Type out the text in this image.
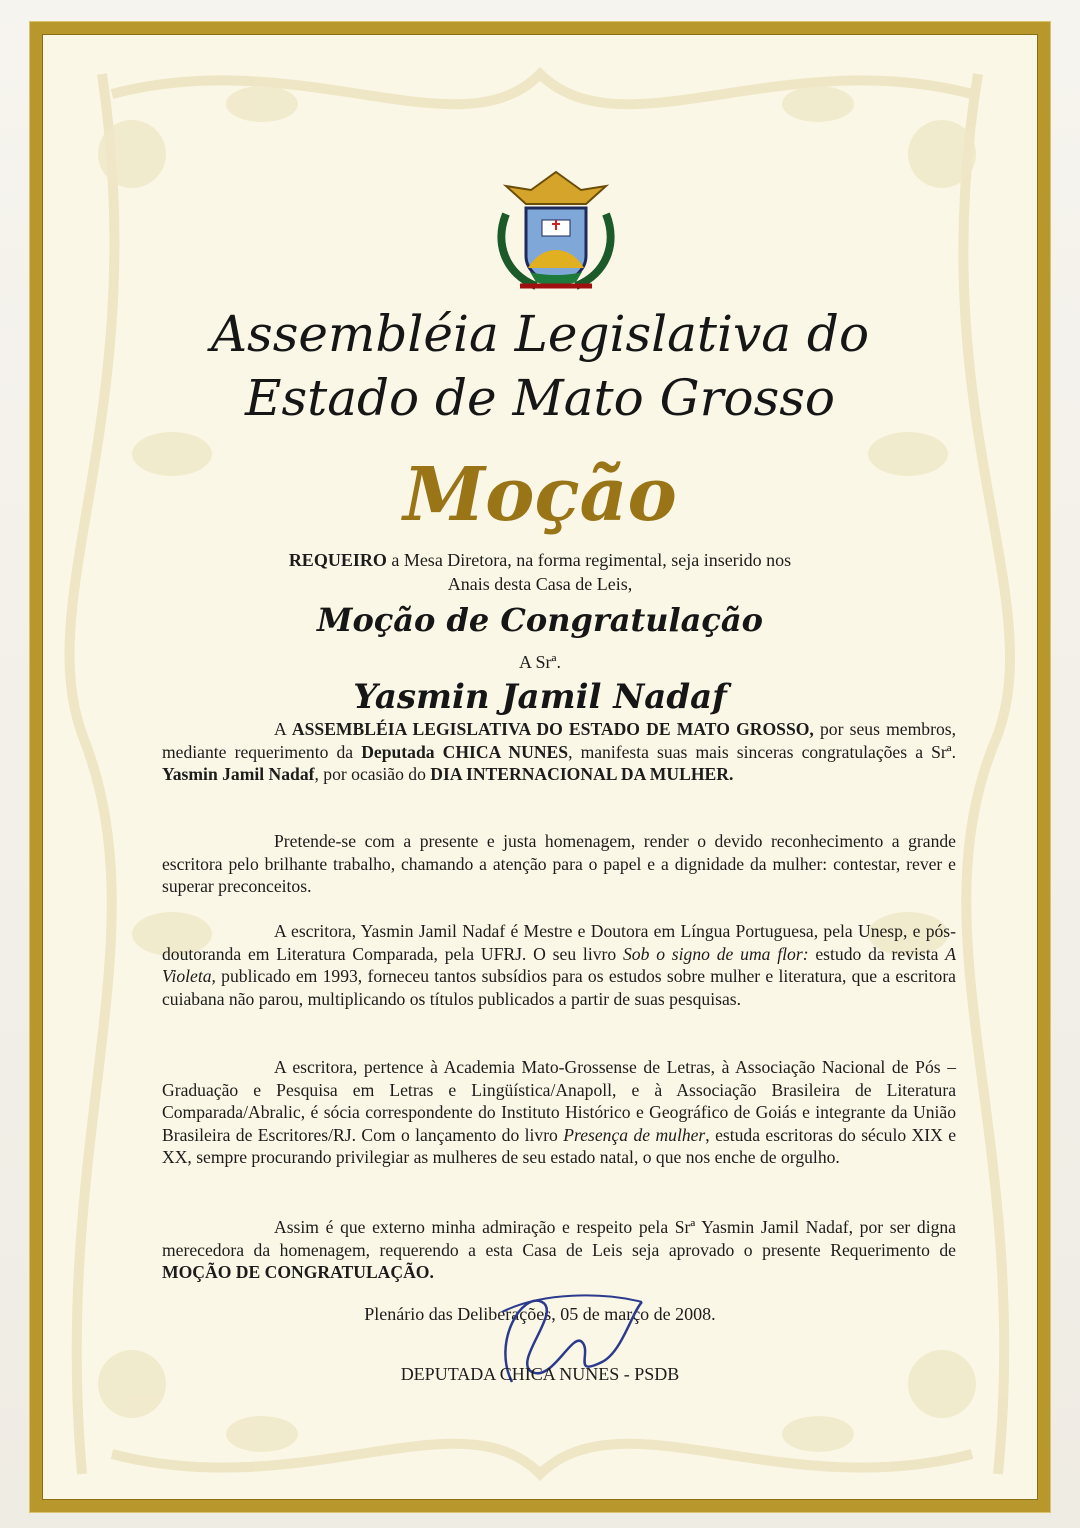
Assembléia Legislativa do
Estado de Mato Grosso
Moção

REQUEIRO a Mesa Diretora, na forma regimental, seja inserido nos

Anais desta Casa de Leis,

Moção de Congratulação

A Srª.

Yasmin Jamil Nadaf

A ASSEMBLÉIA LEGISLATIVA DO ESTADO DE MATO GROSSO, por seus membros, mediante requerimento da Deputada CHICA NUNES, manifesta suas mais sinceras congratulações a Srª. Yasmin Jamil Nadaf, por ocasião do DIA INTERNACIONAL DA MULHER.

Pretende-se com a presente e justa homenagem, render o devido reconhecimento a grande escritora pelo brilhante trabalho, chamando a atenção para o papel e a dignidade da mulher: contestar, rever e superar preconceitos.

A escritora, Yasmin Jamil Nadaf é Mestre e Doutora em Língua Portuguesa, pela Unesp, e pós-doutoranda em Literatura Comparada, pela UFRJ. O seu livro Sob o signo de uma flor: estudo da revista A Violeta, publicado em 1993, forneceu tantos subsídios para os estudos sobre mulher e literatura, que a escritora cuiabana não parou, multiplicando os títulos publicados a partir de suas pesquisas.

A escritora, pertence à Academia Mato-Grossense de Letras, à Associação Nacional de Pós –Graduação e Pesquisa em Letras e Lingüística/Anapoll, e à Associação Brasileira de Literatura Comparada/Abralic, é sócia correspondente do Instituto Histórico e Geográfico de Goiás e integrante da União Brasileira de Escritores/RJ. Com o lançamento do livro Presença de mulher, estuda escritoras do século XIX e XX, sempre procurando privilegiar as mulheres de seu estado natal, o que nos enche de orgulho.

Assim é que externo minha admiração e respeito pela Srª Yasmin Jamil Nadaf, por ser digna merecedora da homenagem, requerendo a esta Casa de Leis seja aprovado o presente Requerimento de MOÇÃO DE CONGRATULAÇÃO.

Plenário das Deliberações, 05 de março de 2008.

DEPUTADA CHICA NUNES - PSDB
